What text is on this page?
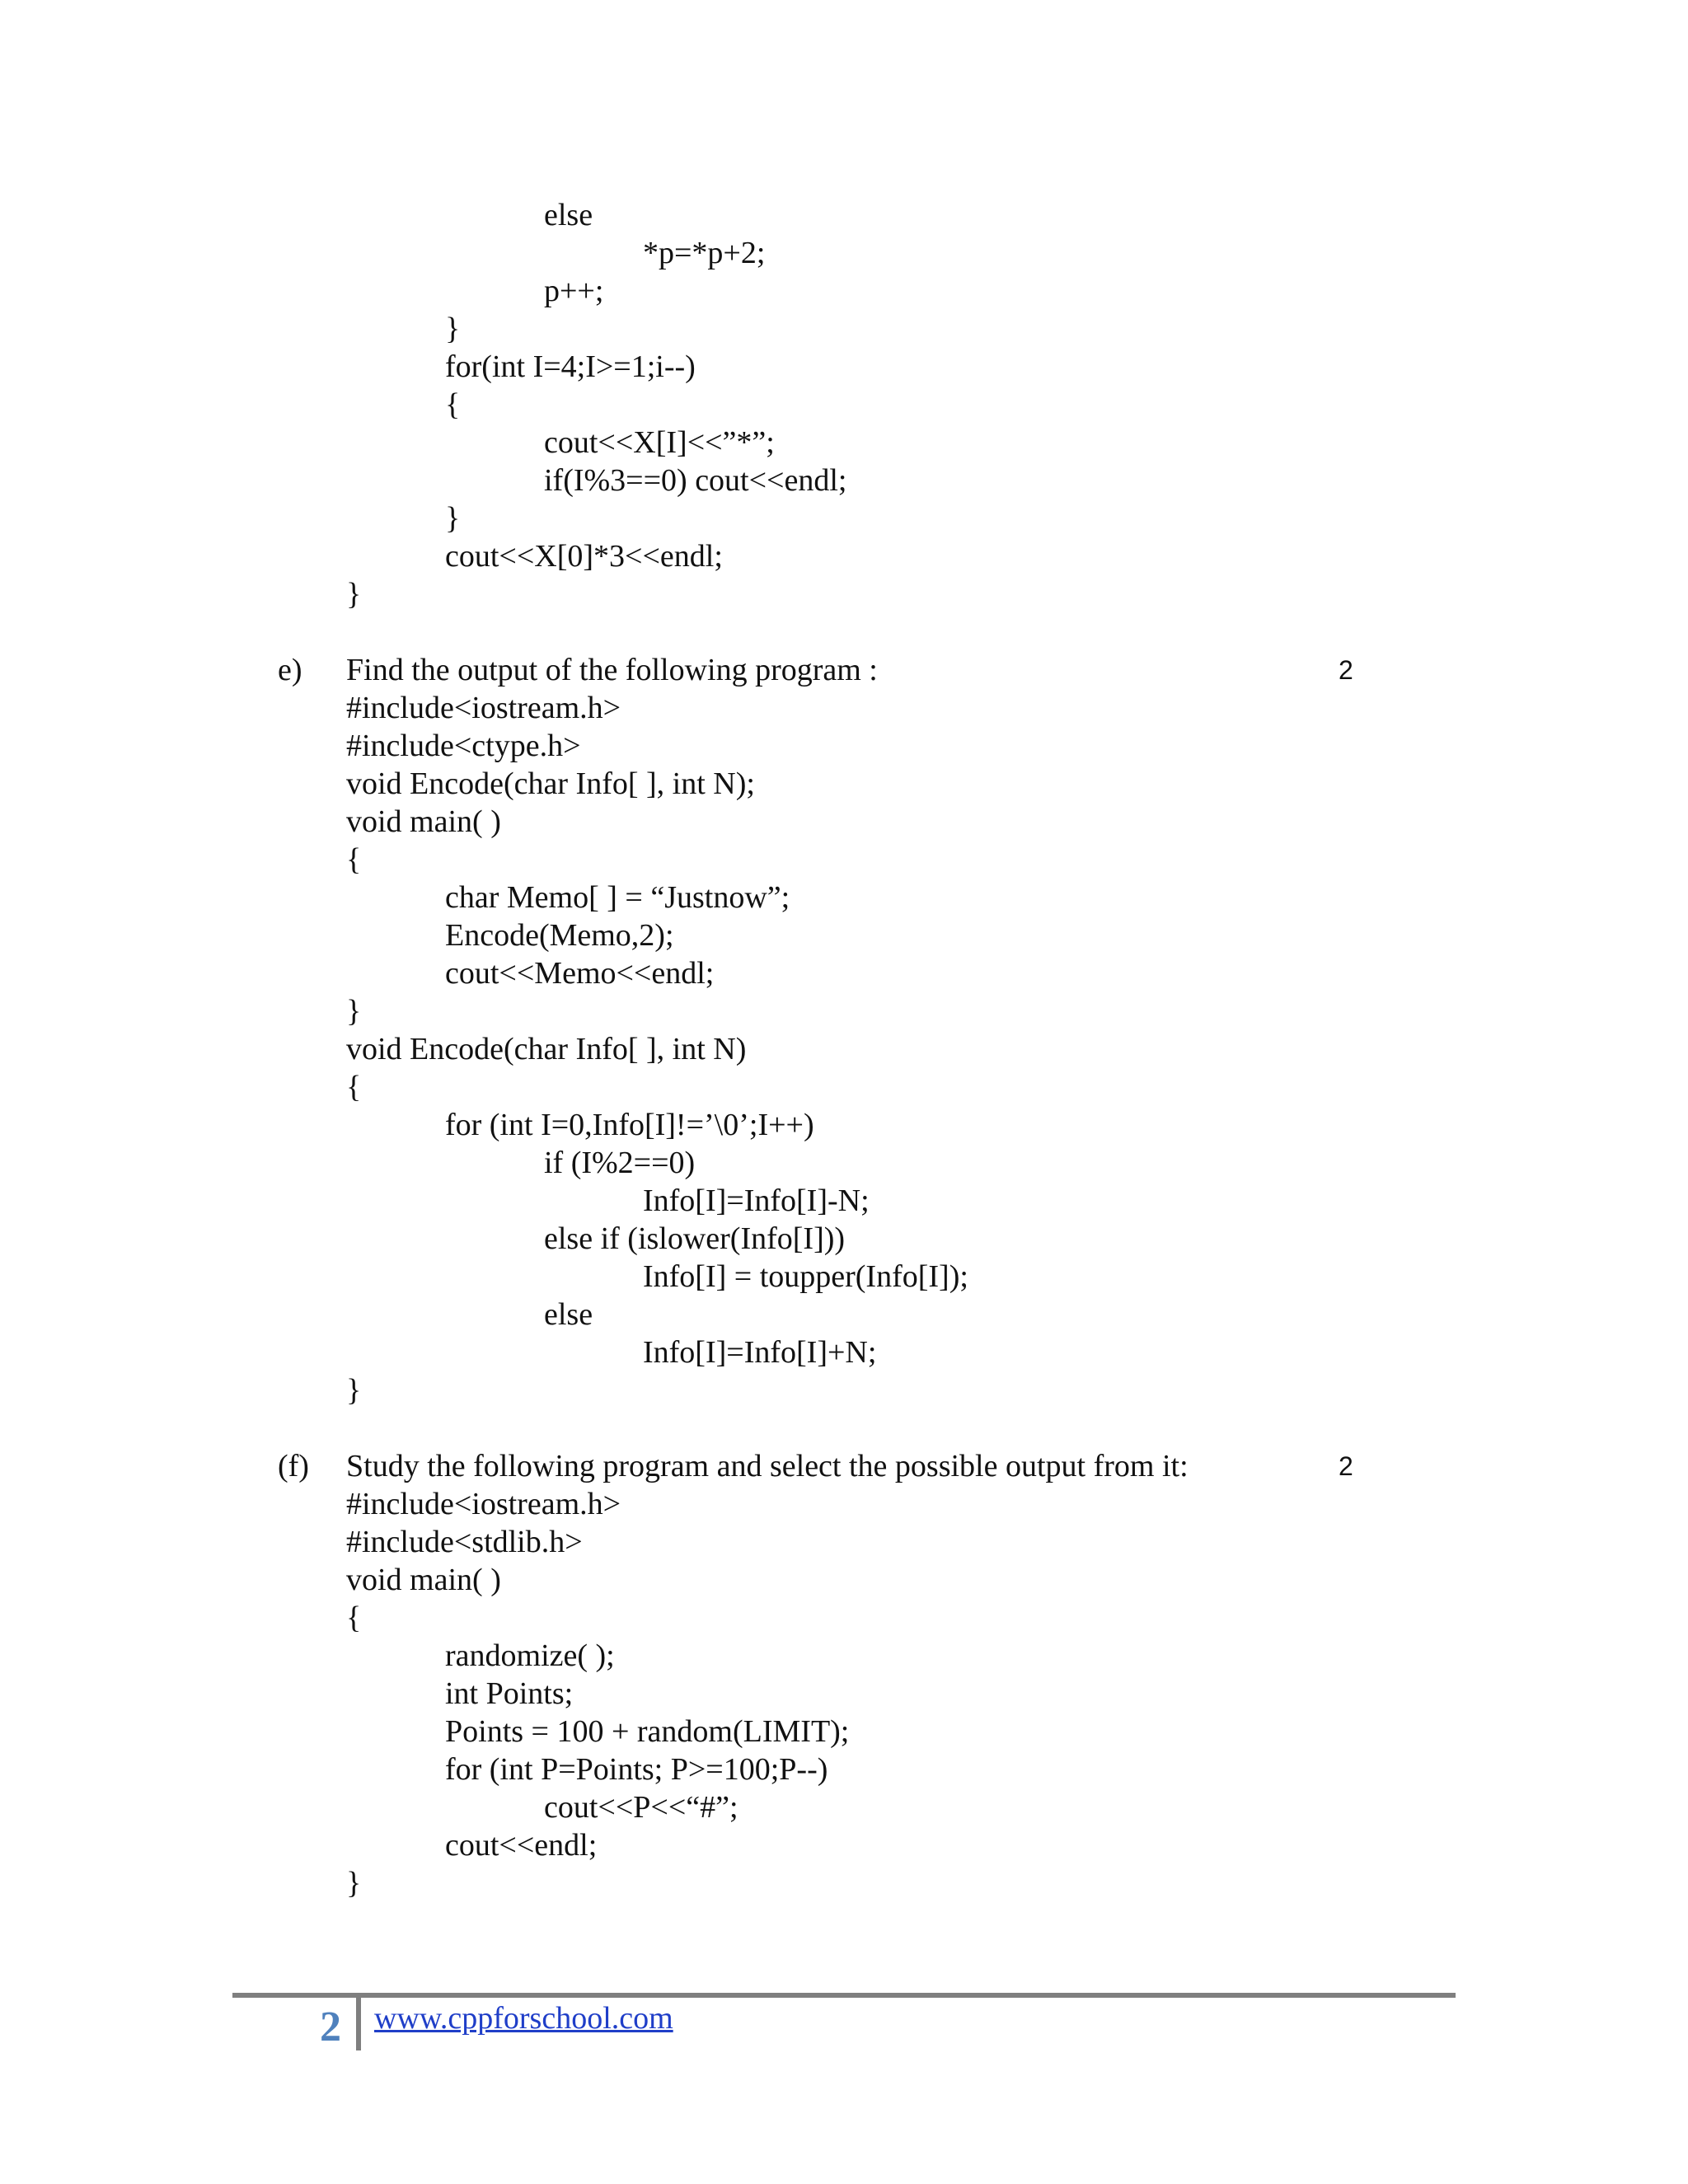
else
*p=*p+2;
p++;
}
for(int I=4;I>=1;i--)
{
cout<<X[I]<<”*”;
if(I%3==0) cout<<endl;
}
cout<<X[0]*3<<endl;
}
e) Find the output of the following program :	2
#include<iostream.h>
#include<ctype.h>
void Encode(char Info[ ], int N);
void main( )
{
char Memo[ ] = “Justnow”;
Encode(Memo,2);
cout<<Memo<<endl;
}
void Encode(char Info[ ], int N)
{
for (int I=0,Info[I]!=’\0’;I++)
if (I%2==0)
Info[I]=Info[I]-N;
else if (islower(Info[I]))
Info[I] = toupper(Info[I]);
else
Info[I]=Info[I]+N;
}
(f) Study the following program and select the possible output from it:	2
#include<iostream.h>
#include<stdlib.h>
void main( )
{
randomize( );
int Points;
Points = 100 + random(LIMIT);
for (int P=Points; P>=100;P--)
cout<<P<<“#”;
cout<<endl;
}
2 www.cppforschool.com
